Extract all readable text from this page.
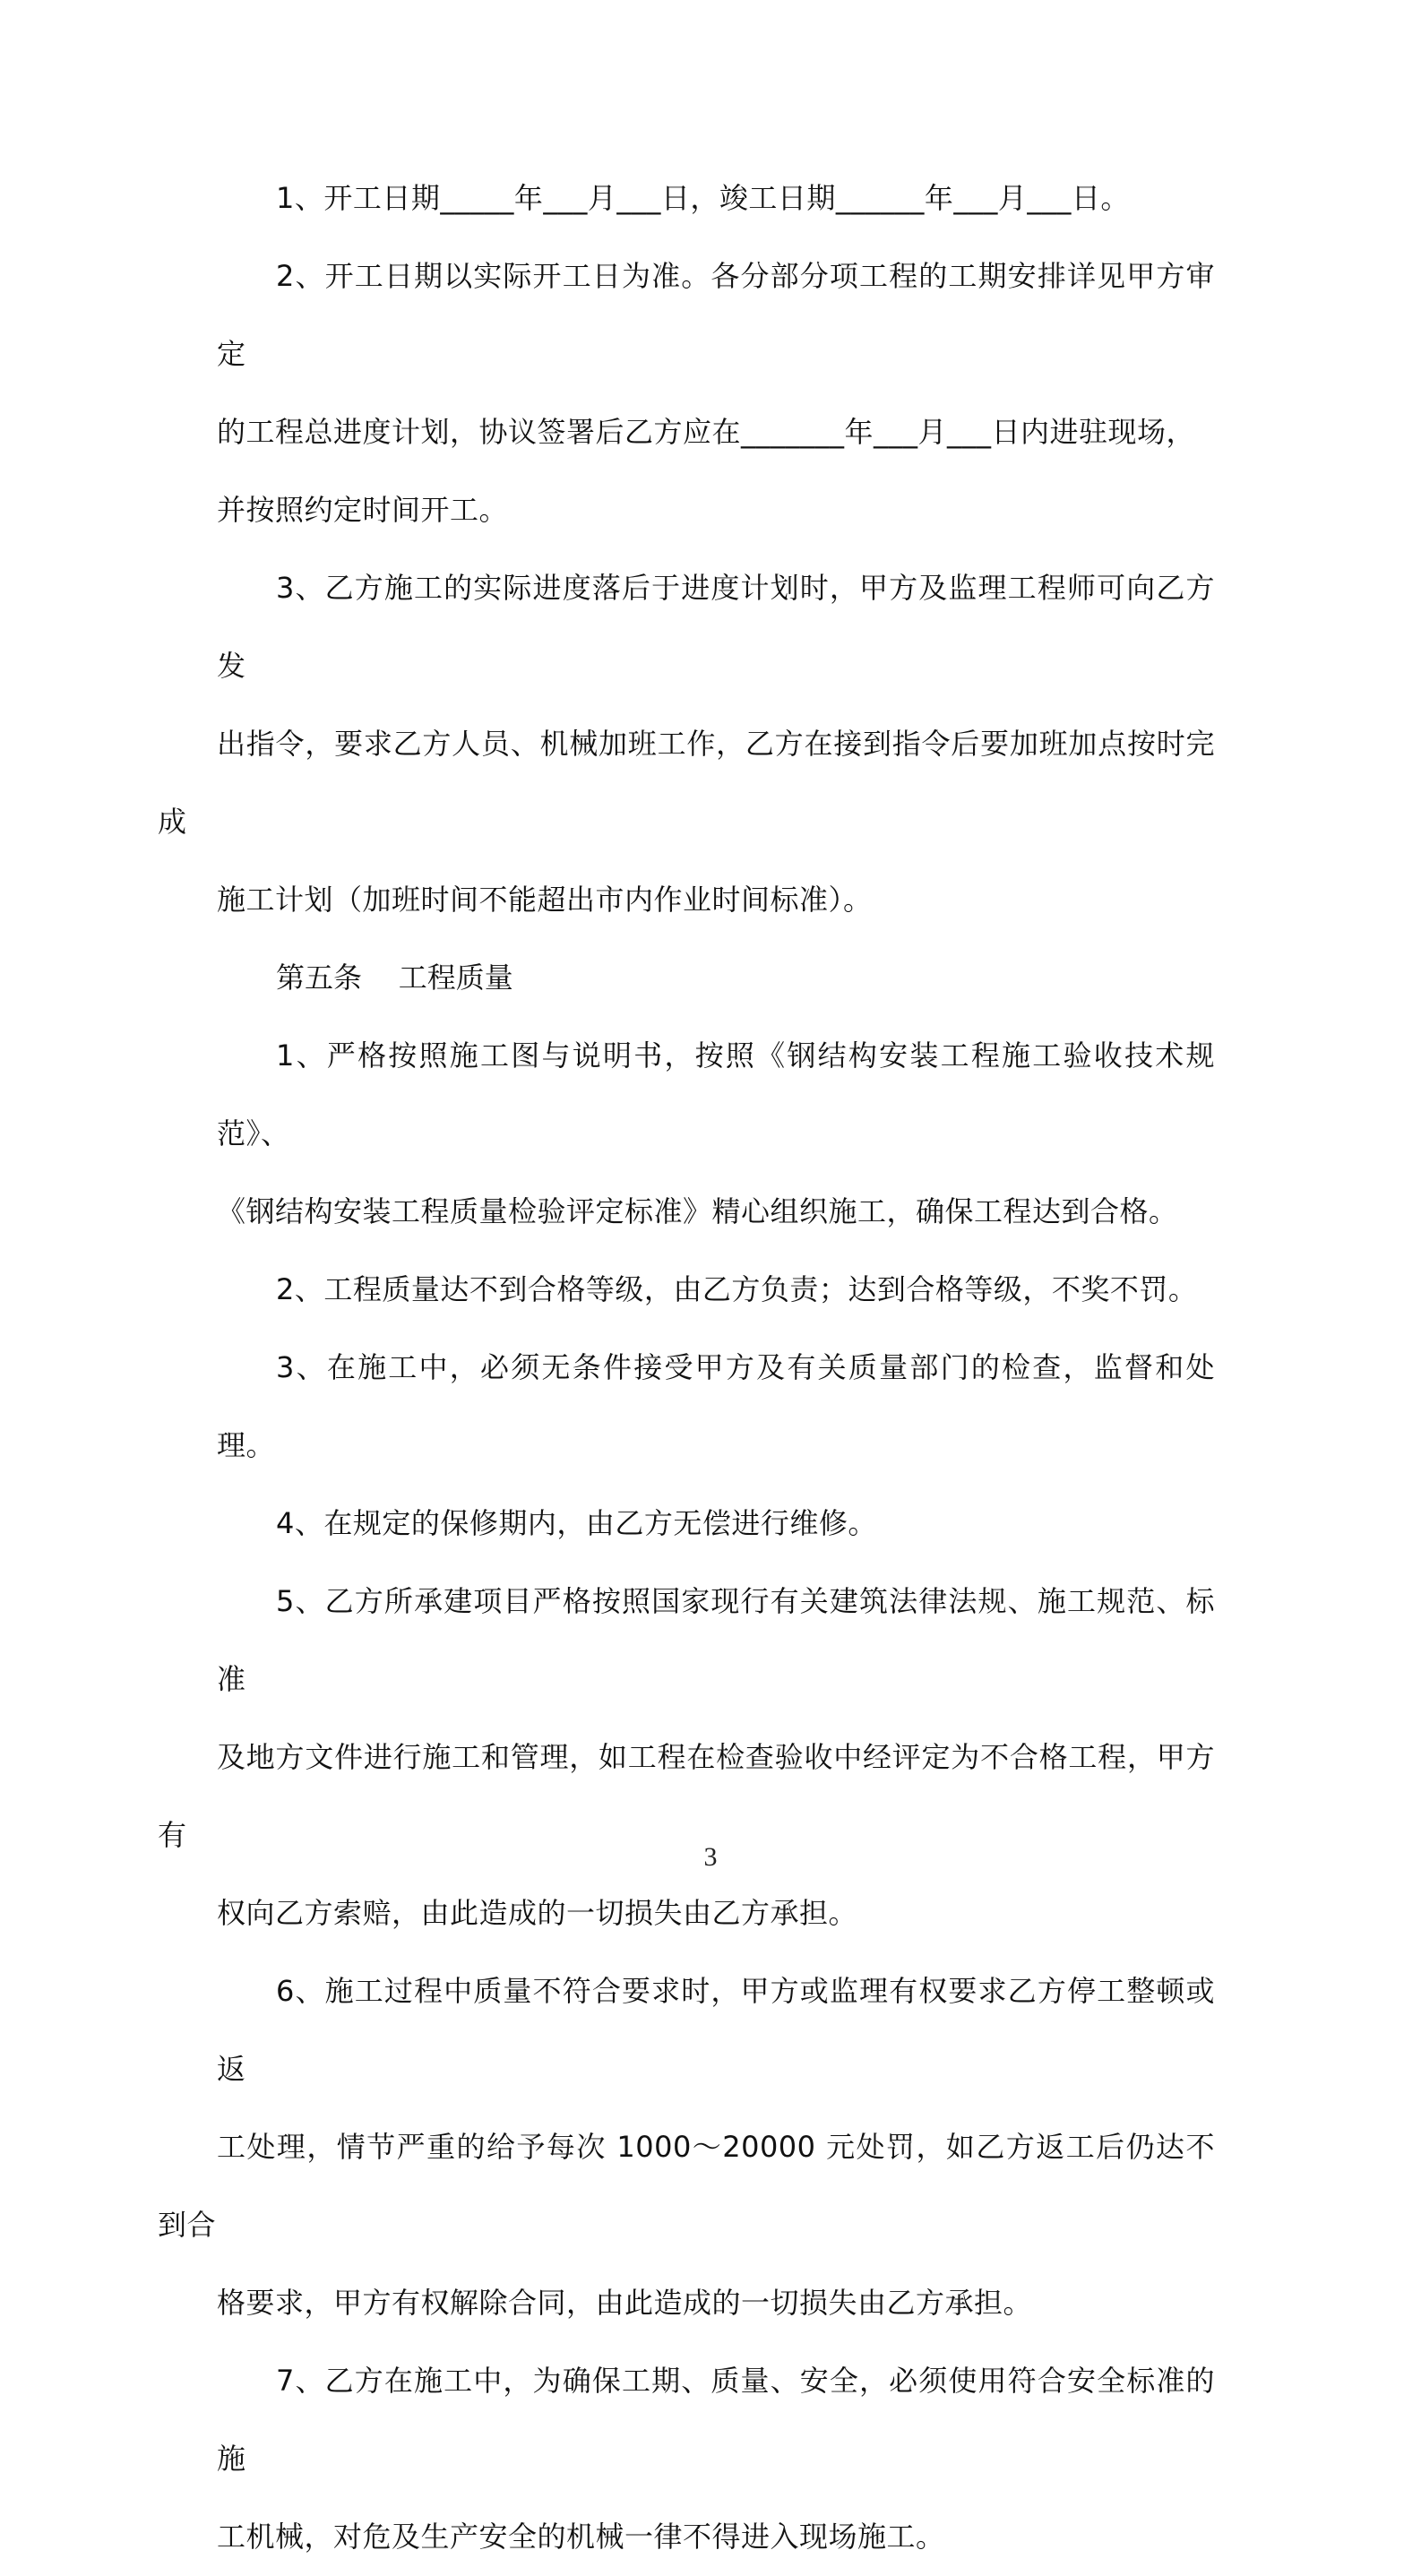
1、开工日期_____年___月___日，竣工日期______年___月___日。

2、开工日期以实际开工日为准。各分部分项工程的工期安排详见甲方审定
的工程总进度计划，协议签署后乙方应在_______年___月___日内进驻现场，
并按照约定时间开工。

3、乙方施工的实际进度落后于进度计划时，甲方及监理工程师可向乙方发
出指令，要求乙方人员、机械加班工作，乙方在接到指令后要加班加点按时完成
施工计划（加班时间不能超出市内作业时间标准）。

第五条    工程质量

1、严格按照施工图与说明书，按照《钢结构安装工程施工验收技术规范》、
《钢结构安装工程质量检验评定标准》精心组织施工，确保工程达到合格。

2、工程质量达不到合格等级，由乙方负责；达到合格等级，不奖不罚。

3、在施工中，必须无条件接受甲方及有关质量部门的检查，监督和处理。

4、在规定的保修期内，由乙方无偿进行维修。

5、乙方所承建项目严格按照国家现行有关建筑法律法规、施工规范、标准
及地方文件进行施工和管理，如工程在检查验收中经评定为不合格工程，甲方有
权向乙方索赔，由此造成的一切损失由乙方承担。

6、施工过程中质量不符合要求时，甲方或监理有权要求乙方停工整顿或返
工处理，情节严重的给予每次 1000～20000 元处罚，如乙方返工后仍达不到合
格要求，甲方有权解除合同，由此造成的一切损失由乙方承担。

7、乙方在施工中，为确保工期、质量、安全，必须使用符合安全标准的施
工机械，对危及生产安全的机械一律不得进入现场施工。

3
